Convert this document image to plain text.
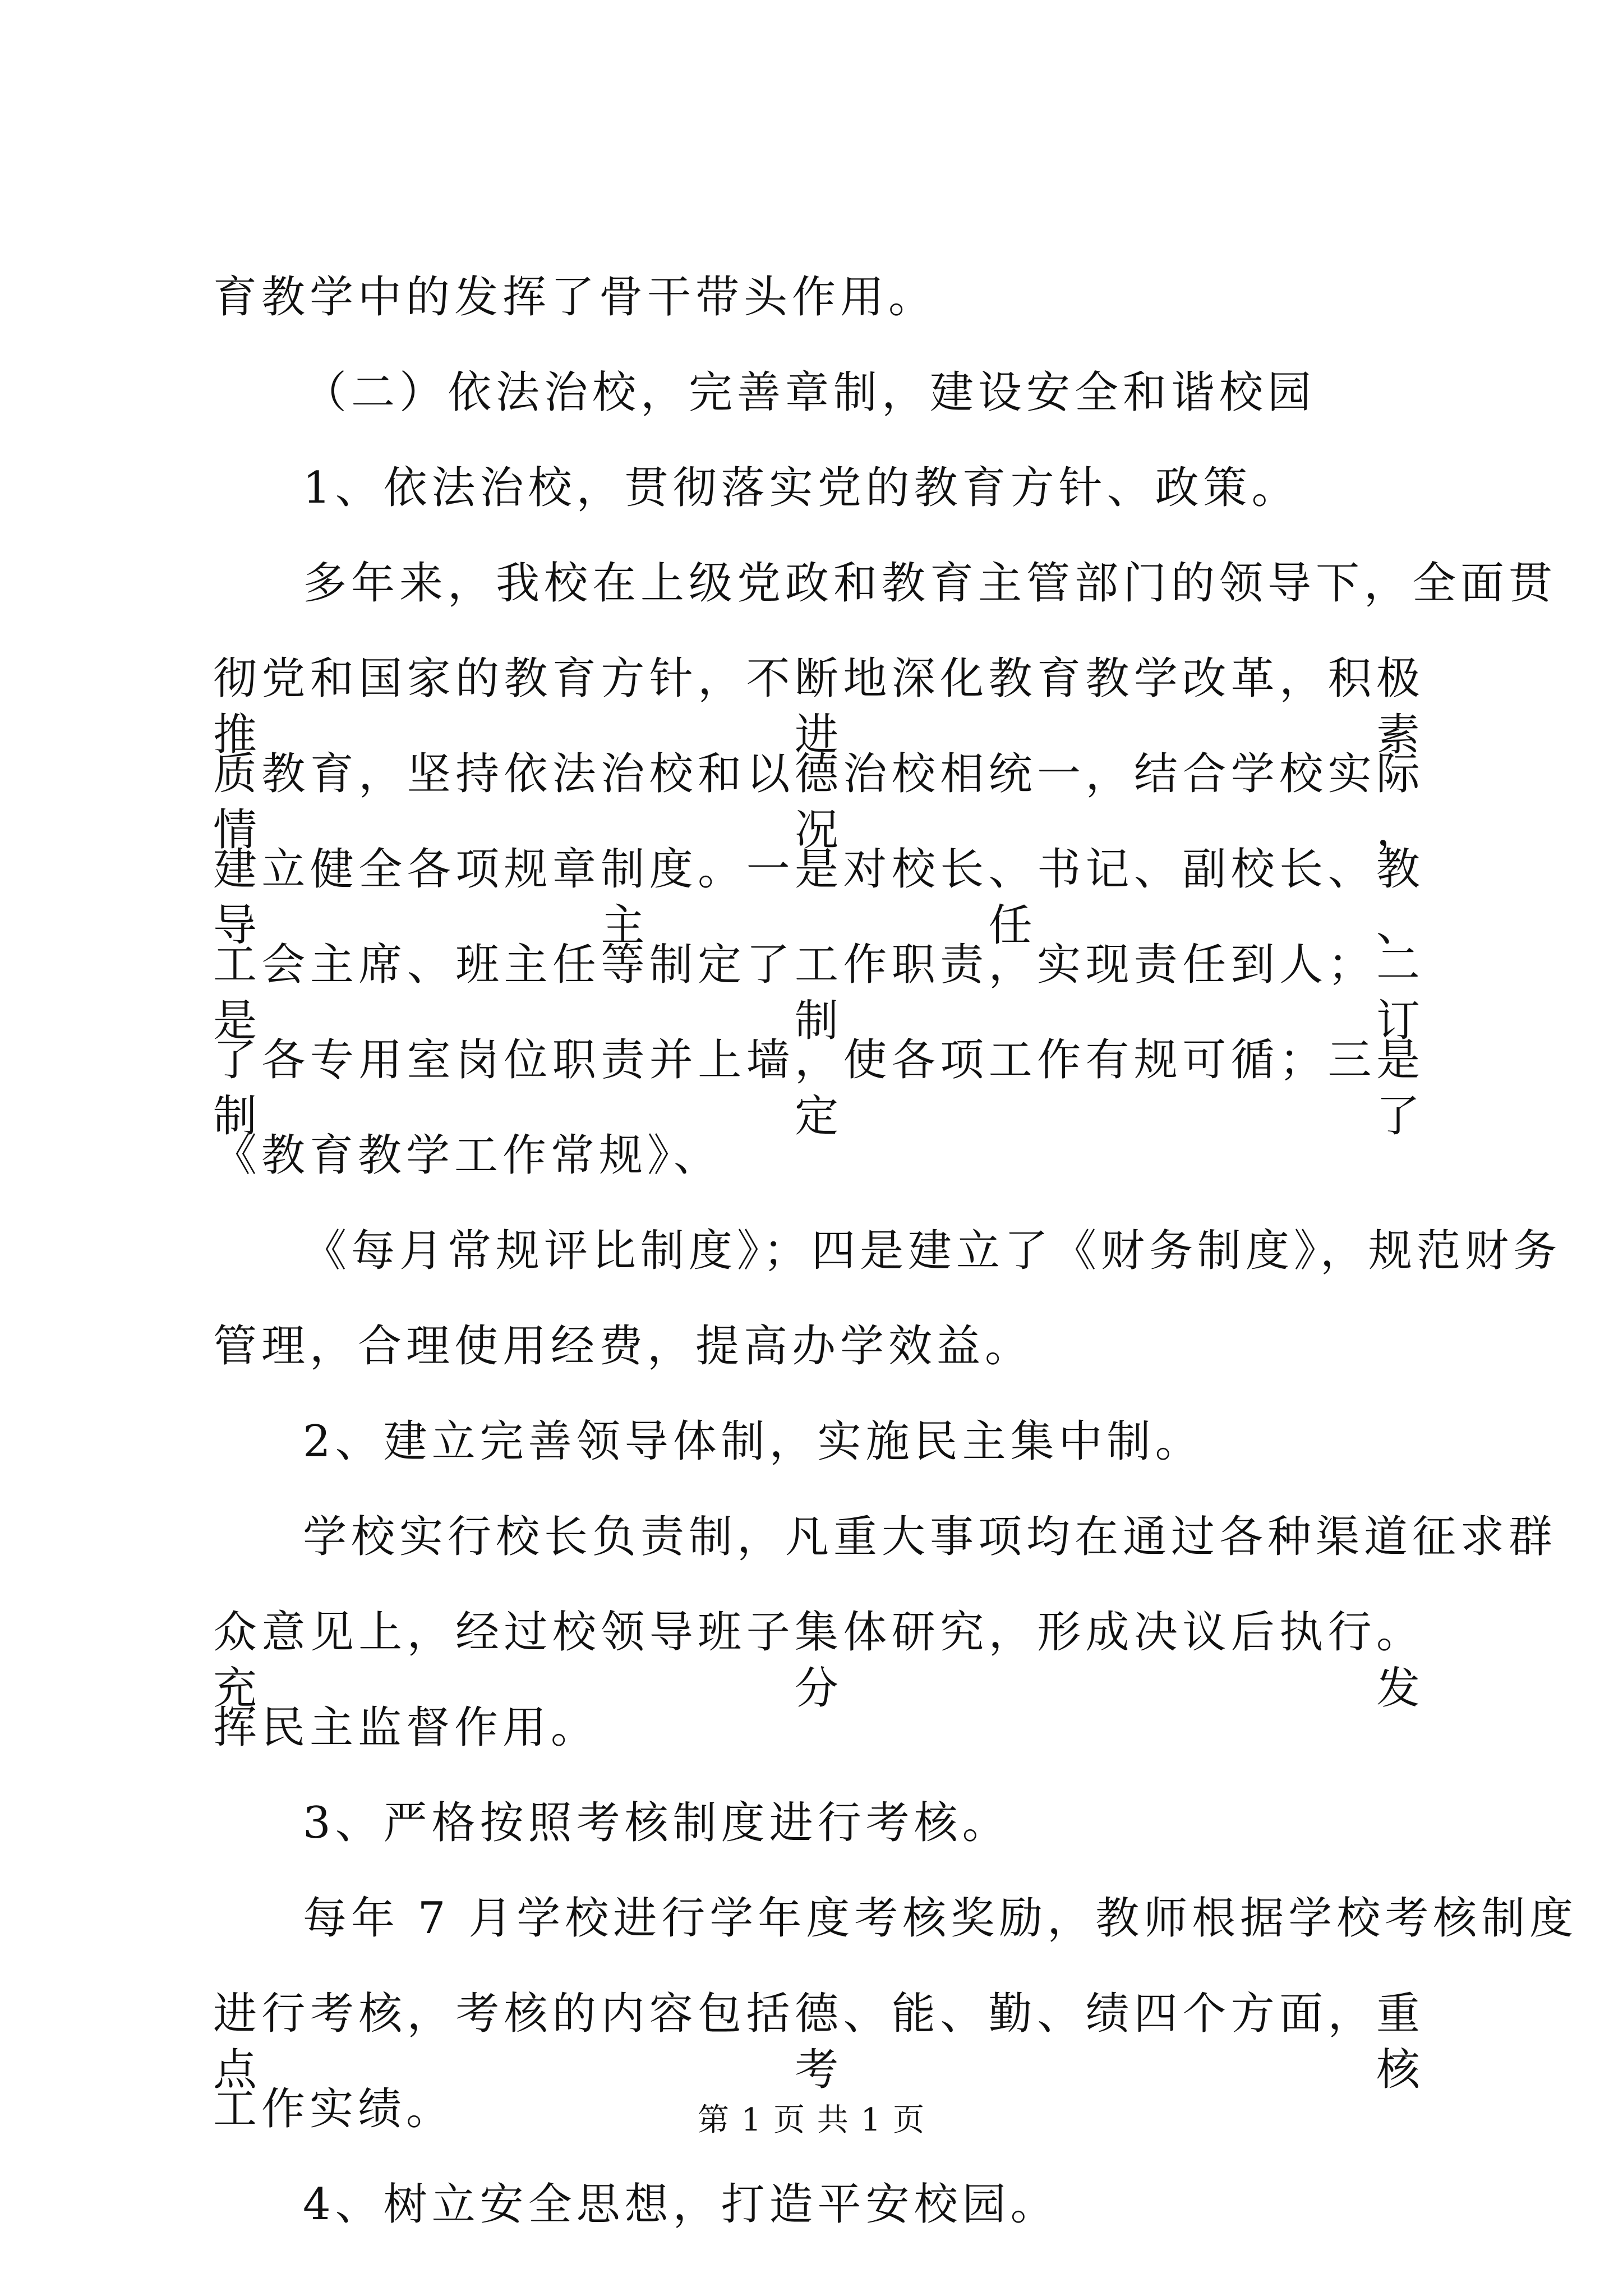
育教学中的发挥了骨干带头作用。
（二）依法治校，完善章制，建设安全和谐校园
1、依法治校，贯彻落实党的教育方针、政策。
多年来，我校在上级党政和教育主管部门的领导下，全面贯
彻党和国家的教育方针，不断地深化教育教学改革，积极推进素
质教育，坚持依法治校和以德治校相统一，结合学校实际情况，
建立健全各项规章制度。一是对校长、书记、副校长、教导主任、
工会主席、班主任等制定了工作职责，实现责任到人；二是制订
了各专用室岗位职责并上墙，使各项工作有规可循；三是制定了
《教育教学工作常规》、
《每月常规评比制度》；四是建立了《财务制度》，规范财务
管理，合理使用经费，提高办学效益。
2、建立完善领导体制，实施民主集中制。
学校实行校长负责制，凡重大事项均在通过各种渠道征求群
众意见上，经过校领导班子集体研究，形成决议后执行。充分发
挥民主监督作用。
3、严格按照考核制度进行考核。
每年 7 月学校进行学年度考核奖励，教师根据学校考核制度
进行考核，考核的内容包括德、能、勤、绩四个方面，重点考核
工作实绩。
4、树立安全思想，打造平安校园。
第 1 页 共 1 页
